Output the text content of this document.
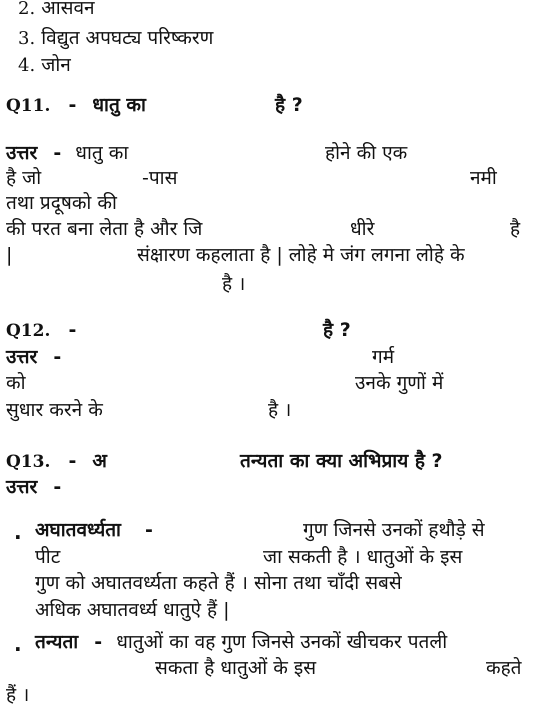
2. आसवन
3. विद्युत अपघट्य परिष्करण
4. जोन
Q11. - धातु का	है ?
उत्तर - धातु का	होने की एक
है जो	-पास	नमी
तथा प्रदूषको की
की परत बना लेता है और जि	धीरे	है
|	संक्षारण कहलाता है | लोहे मे जंग लगना लोहे के
है ।
Q12. -	है ?
उत्तर -	गर्म
को	उनके गुणों में
सुधार करने के	है ।
Q13. - अ	तन्यता का क्या अभिप्राय है ?
उत्तर -
. अघातवर्ध्यता -	गुण जिनसे उनकों हथौड़े से
पीट	जा सकती है । धातुओं के इस
गुण को अघातवर्ध्यता कहते हैं । सोना तथा चाँदी सबसे
अधिक अघातवर्ध्य धातुऐ हैं |
. तन्यता - धातुओं का वह गुण जिनसे उनकों खीचकर पतली
सकता है धातुओं के इस	कहते
हैं ।
